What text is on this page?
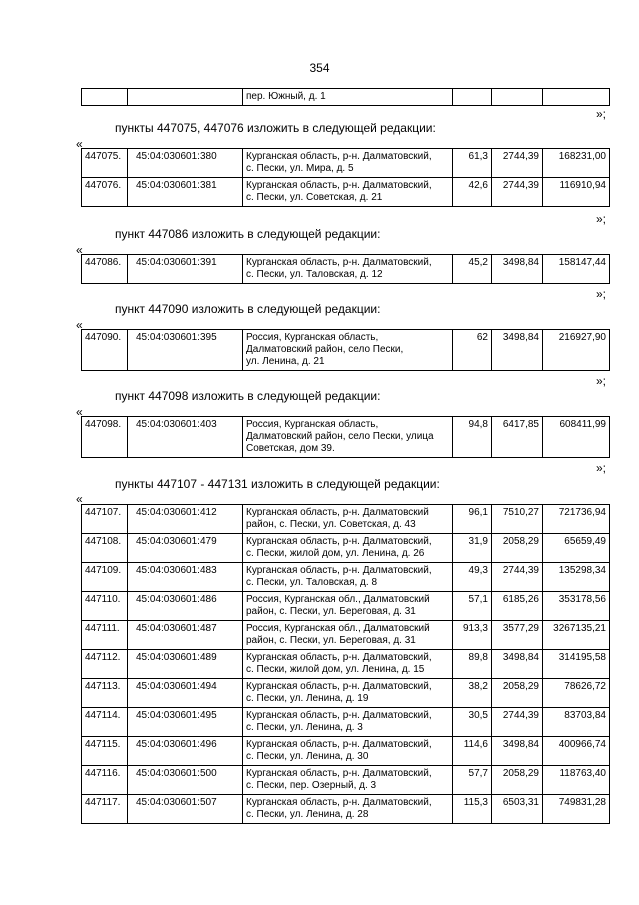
354
		пер. Южный, д. 1			
»;
пункты 447075, 447076 изложить в следующей редакции:
«
447075.	45:04:030601:380	Курганская область, р-н. Далматовский,
с. Пески, ул. Мира, д. 5	61,3	2744,39	168231,00
447076.	45:04:030601:381	Курганская область, р-н. Далматовский,
с. Пески, ул. Советская, д. 21	42,6	2744,39	116910,94
»;
пункт 447086 изложить в следующей редакции:
«
447086.	45:04:030601:391	Курганская область, р-н. Далматовский,
с. Пески, ул. Таловская, д. 12	45,2	3498,84	158147,44
»;
пункт 447090 изложить в следующей редакции:
«
447090.	45:04:030601:395	Россия, Курганская область,
Далматовский район, село Пески,
ул. Ленина, д. 21	62	3498,84	216927,90
»;
пункт 447098 изложить в следующей редакции:
«
447098.	45:04:030601:403	Россия, Курганская область,
Далматовский район, село Пески, улица
Советская, дом 39.	94,8	6417,85	608411,99
»;
пункты 447107 - 447131 изложить в следующей редакции:
«
447107.	45:04:030601:412	Курганская область, р-н. Далматовский
район, с. Пески, ул. Советская, д. 43	96,1	7510,27	721736,94
447108.	45:04:030601:479	Курганская область, р-н. Далматовский,
с. Пески, жилой дом, ул. Ленина, д. 26	31,9	2058,29	65659,49
447109.	45:04:030601:483	Курганская область, р-н. Далматовский,
с. Пески, ул. Таловская, д. 8	49,3	2744,39	135298,34
447110.	45:04:030601:486	Россия, Курганская обл., Далматовский
район, с. Пески, ул. Береговая, д. 31	57,1	6185,26	353178,56
447111.	45:04:030601:487	Россия, Курганская обл., Далматовский
район, с. Пески, ул. Береговая, д. 31	913,3	3577,29	3267135,21
447112.	45:04:030601:489	Курганская область, р-н. Далматовский,
с. Пески, жилой дом, ул. Ленина, д. 15	89,8	3498,84	314195,58
447113.	45:04:030601:494	Курганская область, р-н. Далматовский,
с. Пески, ул. Ленина, д. 19	38,2	2058,29	78626,72
447114.	45:04:030601:495	Курганская область, р-н. Далматовский,
с. Пески, ул. Ленина, д. 3	30,5	2744,39	83703,84
447115.	45:04:030601:496	Курганская область, р-н. Далматовский,
с. Пески, ул. Ленина, д. 30	114,6	3498,84	400966,74
447116.	45:04:030601:500	Курганская область, р-н. Далматовский,
с. Пески, пер. Озерный, д. 3	57,7	2058,29	118763,40
447117.	45:04:030601:507	Курганская область, р-н. Далматовский,
с. Пески, ул. Ленина, д. 28	115,3	6503,31	749831,28
